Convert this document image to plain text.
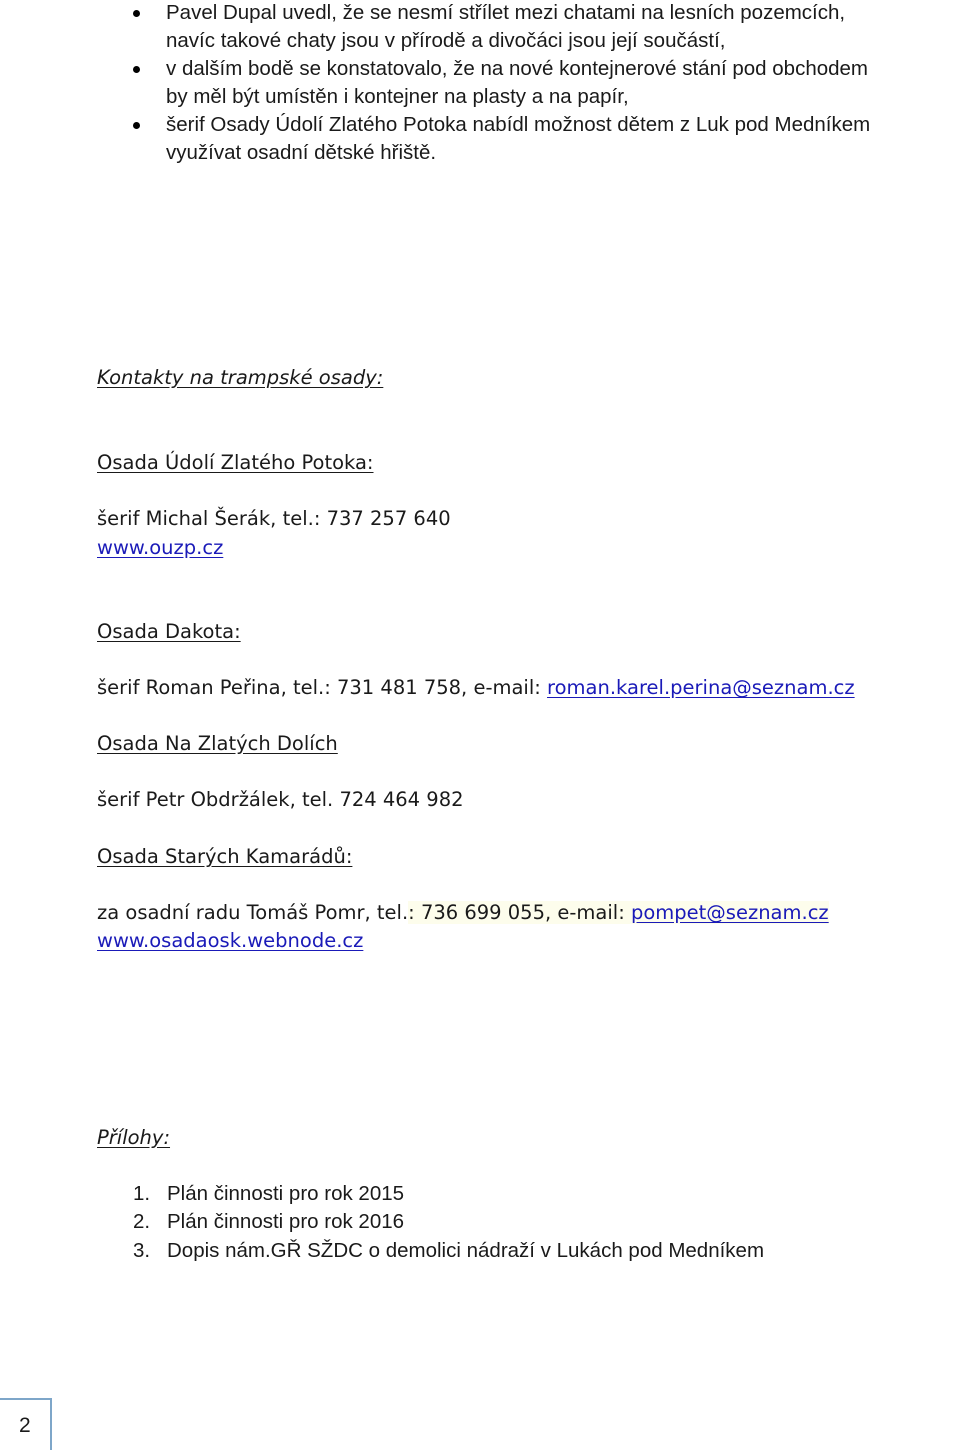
Pavel Dupal uvedl, že se nesmí střílet mezi chatami na lesních pozemcích,
navíc takové chaty jsou v přírodě a divočáci jsou její součástí,
v dalším bodě se konstatovalo, že na nové kontejnerové stání pod obchodem
by měl být umístěn i kontejner na plasty a na papír,
šerif Osady Údolí Zlatého Potoka nabídl možnost dětem z Luk pod Medníkem
využívat osadní dětské hřiště.
Kontakty na trampské osady:
Osada Údolí Zlatého Potoka:
šerif Michal Šerák, tel.: 737 257 640
www.ouzp.cz
Osada Dakota:
šerif Roman Peřina, tel.: 731 481 758, e-mail: roman.karel.perina@seznam.cz
Osada Na Zlatých Dolích
šerif Petr Obdržálek, tel. 724 464 982
Osada Starých Kamarádů:
za osadní radu Tomáš Pomr, tel.: 736 699 055, e-mail: pompet@seznam.cz
www.osadaosk.webnode.cz
Přílohy:
1. Plán činnosti pro rok 2015
2. Plán činnosti pro rok 2016
3. Dopis nám.GŘ SŽDC o demolici nádraží v Lukách pod Medníkem
2
